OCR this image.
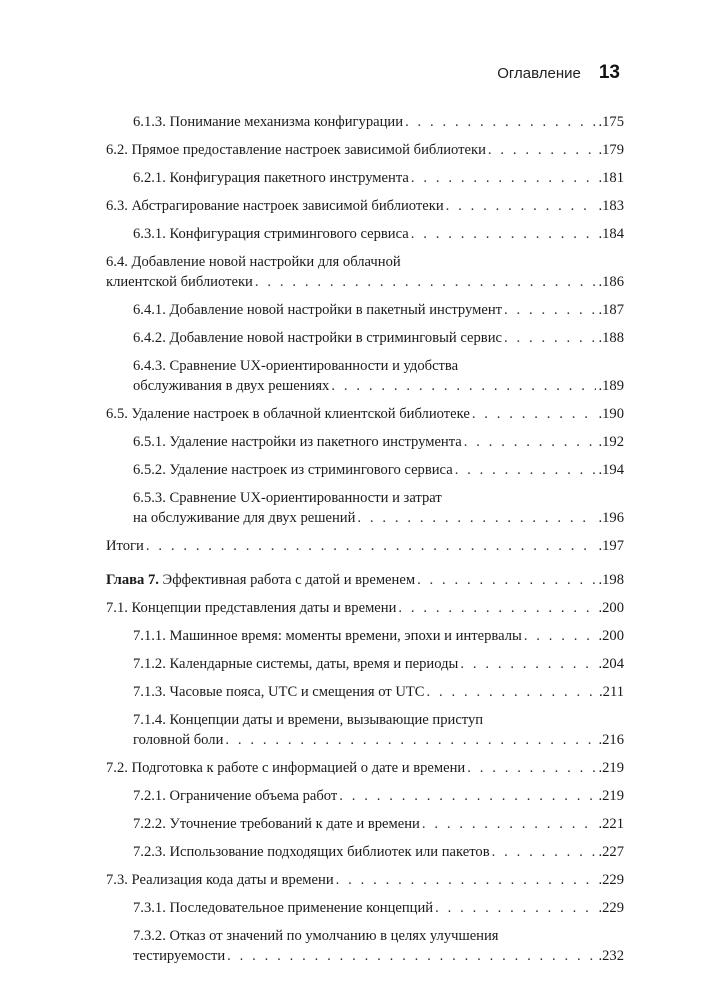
Оглавление 13
6.1.3. Понимание механизма конфигурации . . .	.175
6.2. Прямое предоставление настроек зависимой библиотеки . . .	.179
6.2.1. Конфигурация пакетного инструмента . . .	.181
6.3. Абстрагирование настроек зависимой библиотеки . . .	.183
6.3.1. Конфигурация стримингового сервиса . . .	.184
6.4. Добавление новой настройки для облачной
клиентской библиотеки . . .	.186
6.4.1. Добавление новой настройки в пакетный инструмент . . .	.187
6.4.2. Добавление новой настройки в стриминговый сервис . . .	.188
6.4.3. Сравнение UX-ориентированности и удобства
обслуживания в двух решениях . . .	.189
6.5. Удаление настроек в облачной клиентской библиотеке . . .	.190
6.5.1. Удаление настройки из пакетного инструмента . . .	.192
6.5.2. Удаление настроек из стримингового сервиса . . .	.194
6.5.3. Сравнение UX-ориентированности и затрат
на обслуживание для двух решений . . .	.196
Итоги . . .	.197
Глава 7. Эффективная работа с датой и временем . . .	.198
7.1. Концепции представления даты и времени . . .	.200
7.1.1. Машинное время: моменты времени, эпохи и интервалы . . .	.200
7.1.2. Календарные системы, даты, время и периоды . . .	.204
7.1.3. Часовые пояса, UTC и смещения от UTC . . .	.211
7.1.4. Концепции даты и времени, вызывающие приступ
головной боли . . .	.216
7.2. Подготовка к работе с информацией о дате и времени . . .	.219
7.2.1. Ограничение объема работ . . .	.219
7.2.2. Уточнение требований к дате и времени . . .	.221
7.2.3. Использование подходящих библиотек или пакетов . . .	.227
7.3. Реализация кода даты и времени . . .	.229
7.3.1. Последовательное применение концепций . . .	.229
7.3.2. Отказ от значений по умолчанию в целях улучшения
тестируемости . . .	.232
